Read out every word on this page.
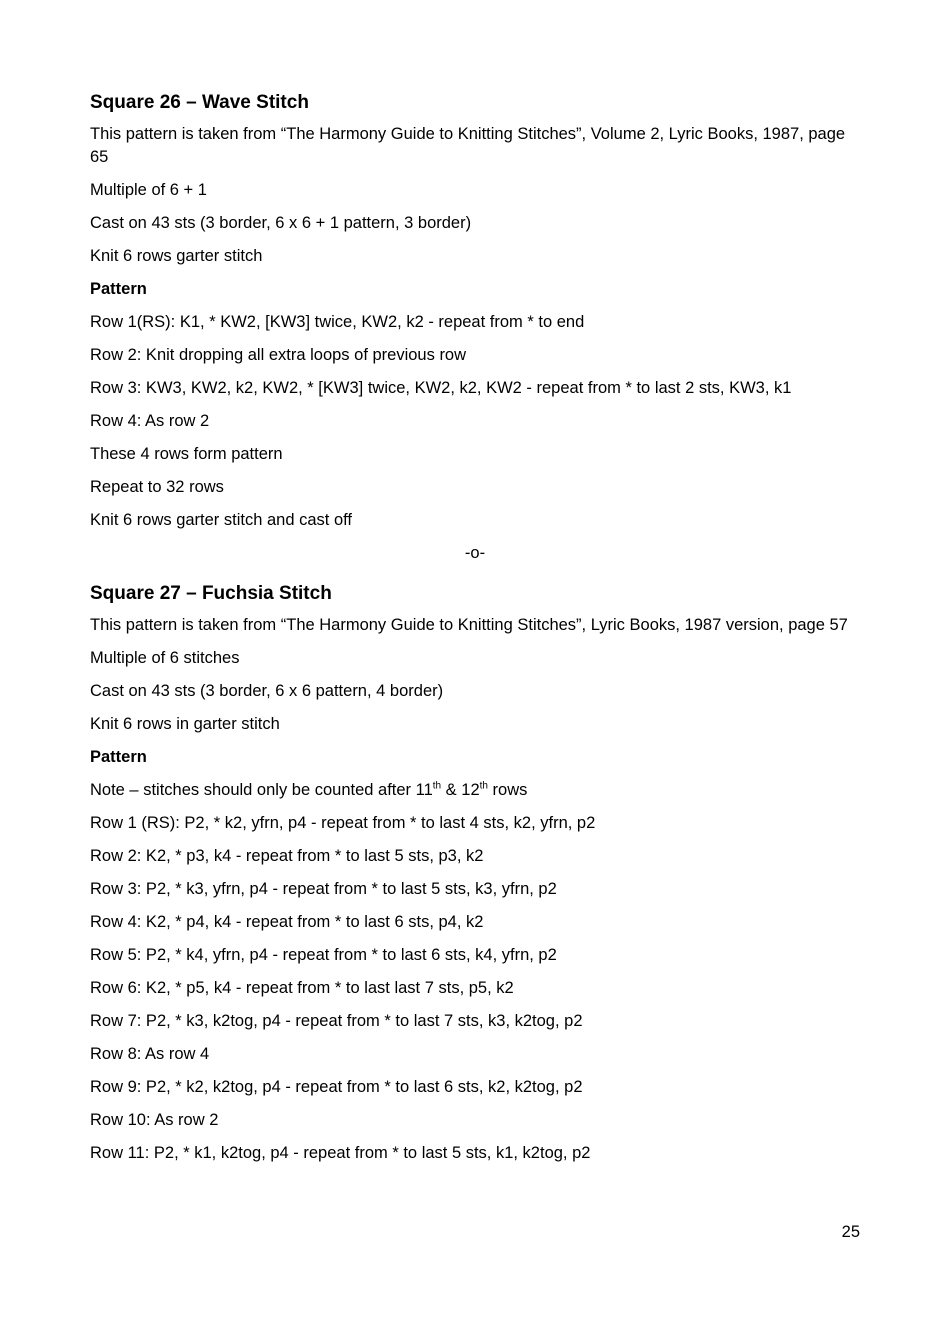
Square 26 – Wave Stitch
This pattern is taken from “The Harmony Guide to Knitting Stitches”, Volume 2, Lyric Books, 1987, page 65
Multiple of 6 + 1
Cast on 43 sts (3 border, 6 x 6 + 1 pattern, 3 border)
Knit 6 rows garter stitch
Pattern
Row 1(RS): K1, * KW2, [KW3] twice, KW2, k2 - repeat from * to end
Row 2: Knit dropping all extra loops of previous row
Row 3: KW3, KW2, k2, KW2, * [KW3] twice, KW2, k2, KW2 - repeat from * to last 2 sts, KW3, k1
Row 4: As row 2
These 4 rows form pattern
Repeat to 32 rows
Knit 6 rows garter stitch and cast off
-o-
Square 27 – Fuchsia Stitch
This pattern is taken from “The Harmony Guide to Knitting Stitches”, Lyric Books, 1987 version, page 57
Multiple of 6 stitches
Cast on 43 sts (3 border, 6 x 6 pattern, 4 border)
Knit 6 rows in garter stitch
Pattern
Note – stitches should only be counted after 11th & 12th rows
Row 1 (RS): P2, * k2, yfrn, p4 - repeat from * to last 4 sts, k2, yfrn, p2
Row 2: K2, * p3, k4 - repeat from * to last 5 sts, p3, k2
Row 3: P2, * k3, yfrn, p4 - repeat from * to last 5 sts, k3, yfrn, p2
Row 4: K2, * p4, k4 - repeat from * to last 6 sts, p4, k2
Row 5: P2, * k4, yfrn, p4 - repeat from * to last 6 sts, k4, yfrn, p2
Row 6: K2, * p5, k4 - repeat from * to last last 7 sts, p5, k2
Row 7: P2, * k3, k2tog, p4 - repeat from * to last 7 sts, k3, k2tog, p2
Row 8: As row 4
Row 9: P2, * k2, k2tog, p4 - repeat from * to last 6 sts, k2, k2tog, p2
Row 10: As row 2
Row 11: P2, * k1, k2tog, p4 - repeat from * to last 5 sts, k1, k2tog, p2
25
